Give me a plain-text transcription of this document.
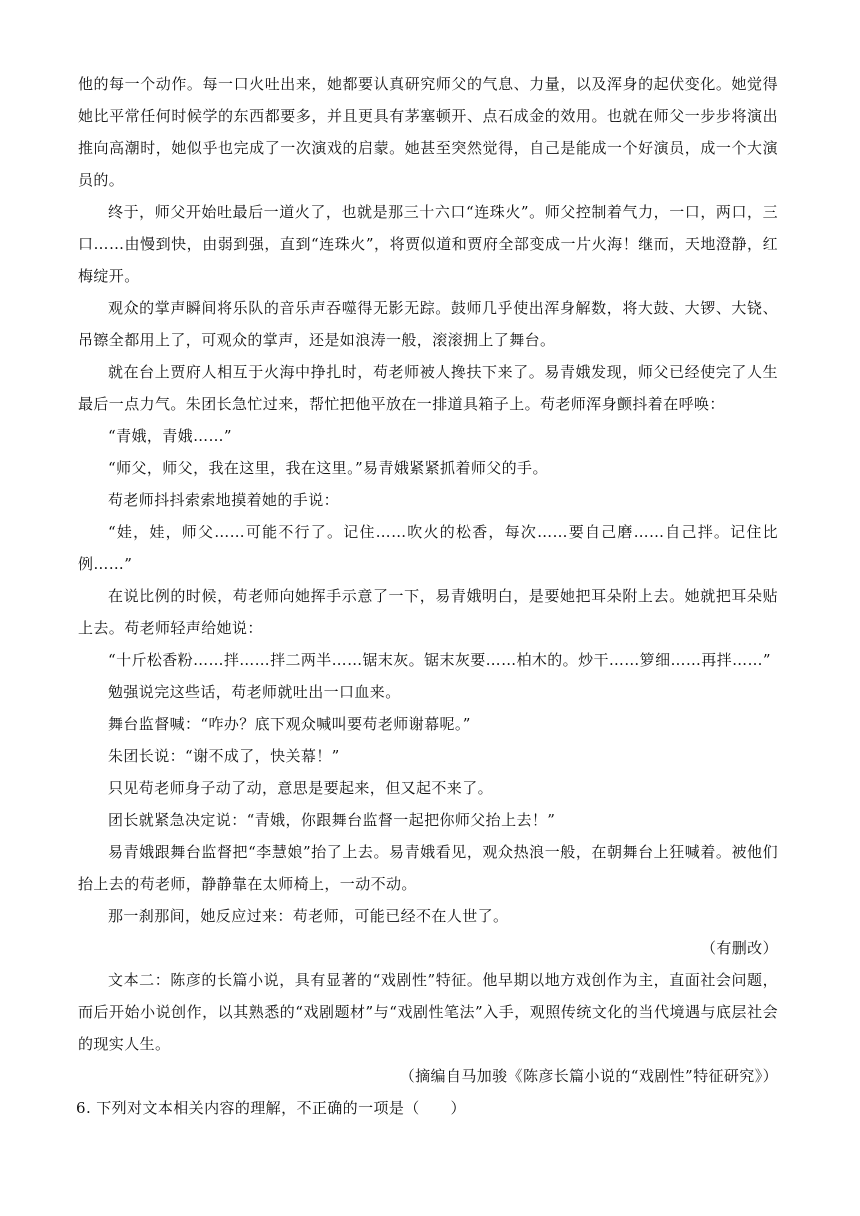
他的每一个动作。每一口火吐出来，她都要认真研究师父的气息、力量，以及浑身的起伏变化。她觉得她比平常任何时候学的东西都要多，并且更具有茅塞顿开、点石成金的效用。也就在师父一步步将演出推向高潮时，她似乎也完成了一次演戏的启蒙。她甚至突然觉得，自己是能成一个好演员，成一个大演员的。

终于，师父开始吐最后一道火了，也就是那三十六口“连珠火”。师父控制着气力，一口，两口，三口……由慢到快，由弱到强，直到“连珠火”，将贾似道和贾府全部变成一片火海！继而，天地澄静，红梅绽开。

观众的掌声瞬间将乐队的音乐声吞噬得无影无踪。鼓师几乎使出浑身解数，将大鼓、大锣、大铙、吊镲全都用上了，可观众的掌声，还是如浪涛一般，滚滚拥上了舞台。

就在台上贾府人相互于火海中挣扎时，苟老师被人搀扶下来了。易青娥发现，师父已经使完了人生最后一点力气。朱团长急忙过来，帮忙把他平放在一排道具箱子上。苟老师浑身颤抖着在呼唤：

“青娥，青娥……”

“师父，师父，我在这里，我在这里。”易青娥紧紧抓着师父的手。

苟老师抖抖索索地摸着她的手说：

“娃，娃，师父……可能不行了。记住……吹火的松香，每次……要自己磨……自己拌。记住比例……”

在说比例的时候，苟老师向她挥手示意了一下，易青娥明白，是要她把耳朵附上去。她就把耳朵贴上去。苟老师轻声给她说：

“十斤松香粉……拌……拌二两半……锯末灰。锯末灰要……柏木的。炒干……箩细……再拌……”

勉强说完这些话，苟老师就吐出一口血来。

舞台监督喊：“咋办？底下观众喊叫要苟老师谢幕呢。”

朱团长说：“谢不成了，快关幕！”

只见苟老师身子动了动，意思是要起来，但又起不来了。

团长就紧急决定说：“青娥，你跟舞台监督一起把你师父抬上去！”

易青娥跟舞台监督把“李慧娘”抬了上去。易青娥看见，观众热浪一般，在朝舞台上狂喊着。被他们抬上去的苟老师，静静靠在太师椅上，一动不动。

那一刹那间，她反应过来：苟老师，可能已经不在人世了。

（有删改）

文本二：陈彦的长篇小说，具有显著的“戏剧性”特征。他早期以地方戏创作为主，直面社会问题，而后开始小说创作，以其熟悉的“戏剧题材”与“戏剧性笔法”入手，观照传统文化的当代境遇与底层社会的现实人生。

（摘编自马加骏《陈彦长篇小说的“戏剧性”特征研究》）

6. 下列对文本相关内容的理解，不正确的一项是（　　）
